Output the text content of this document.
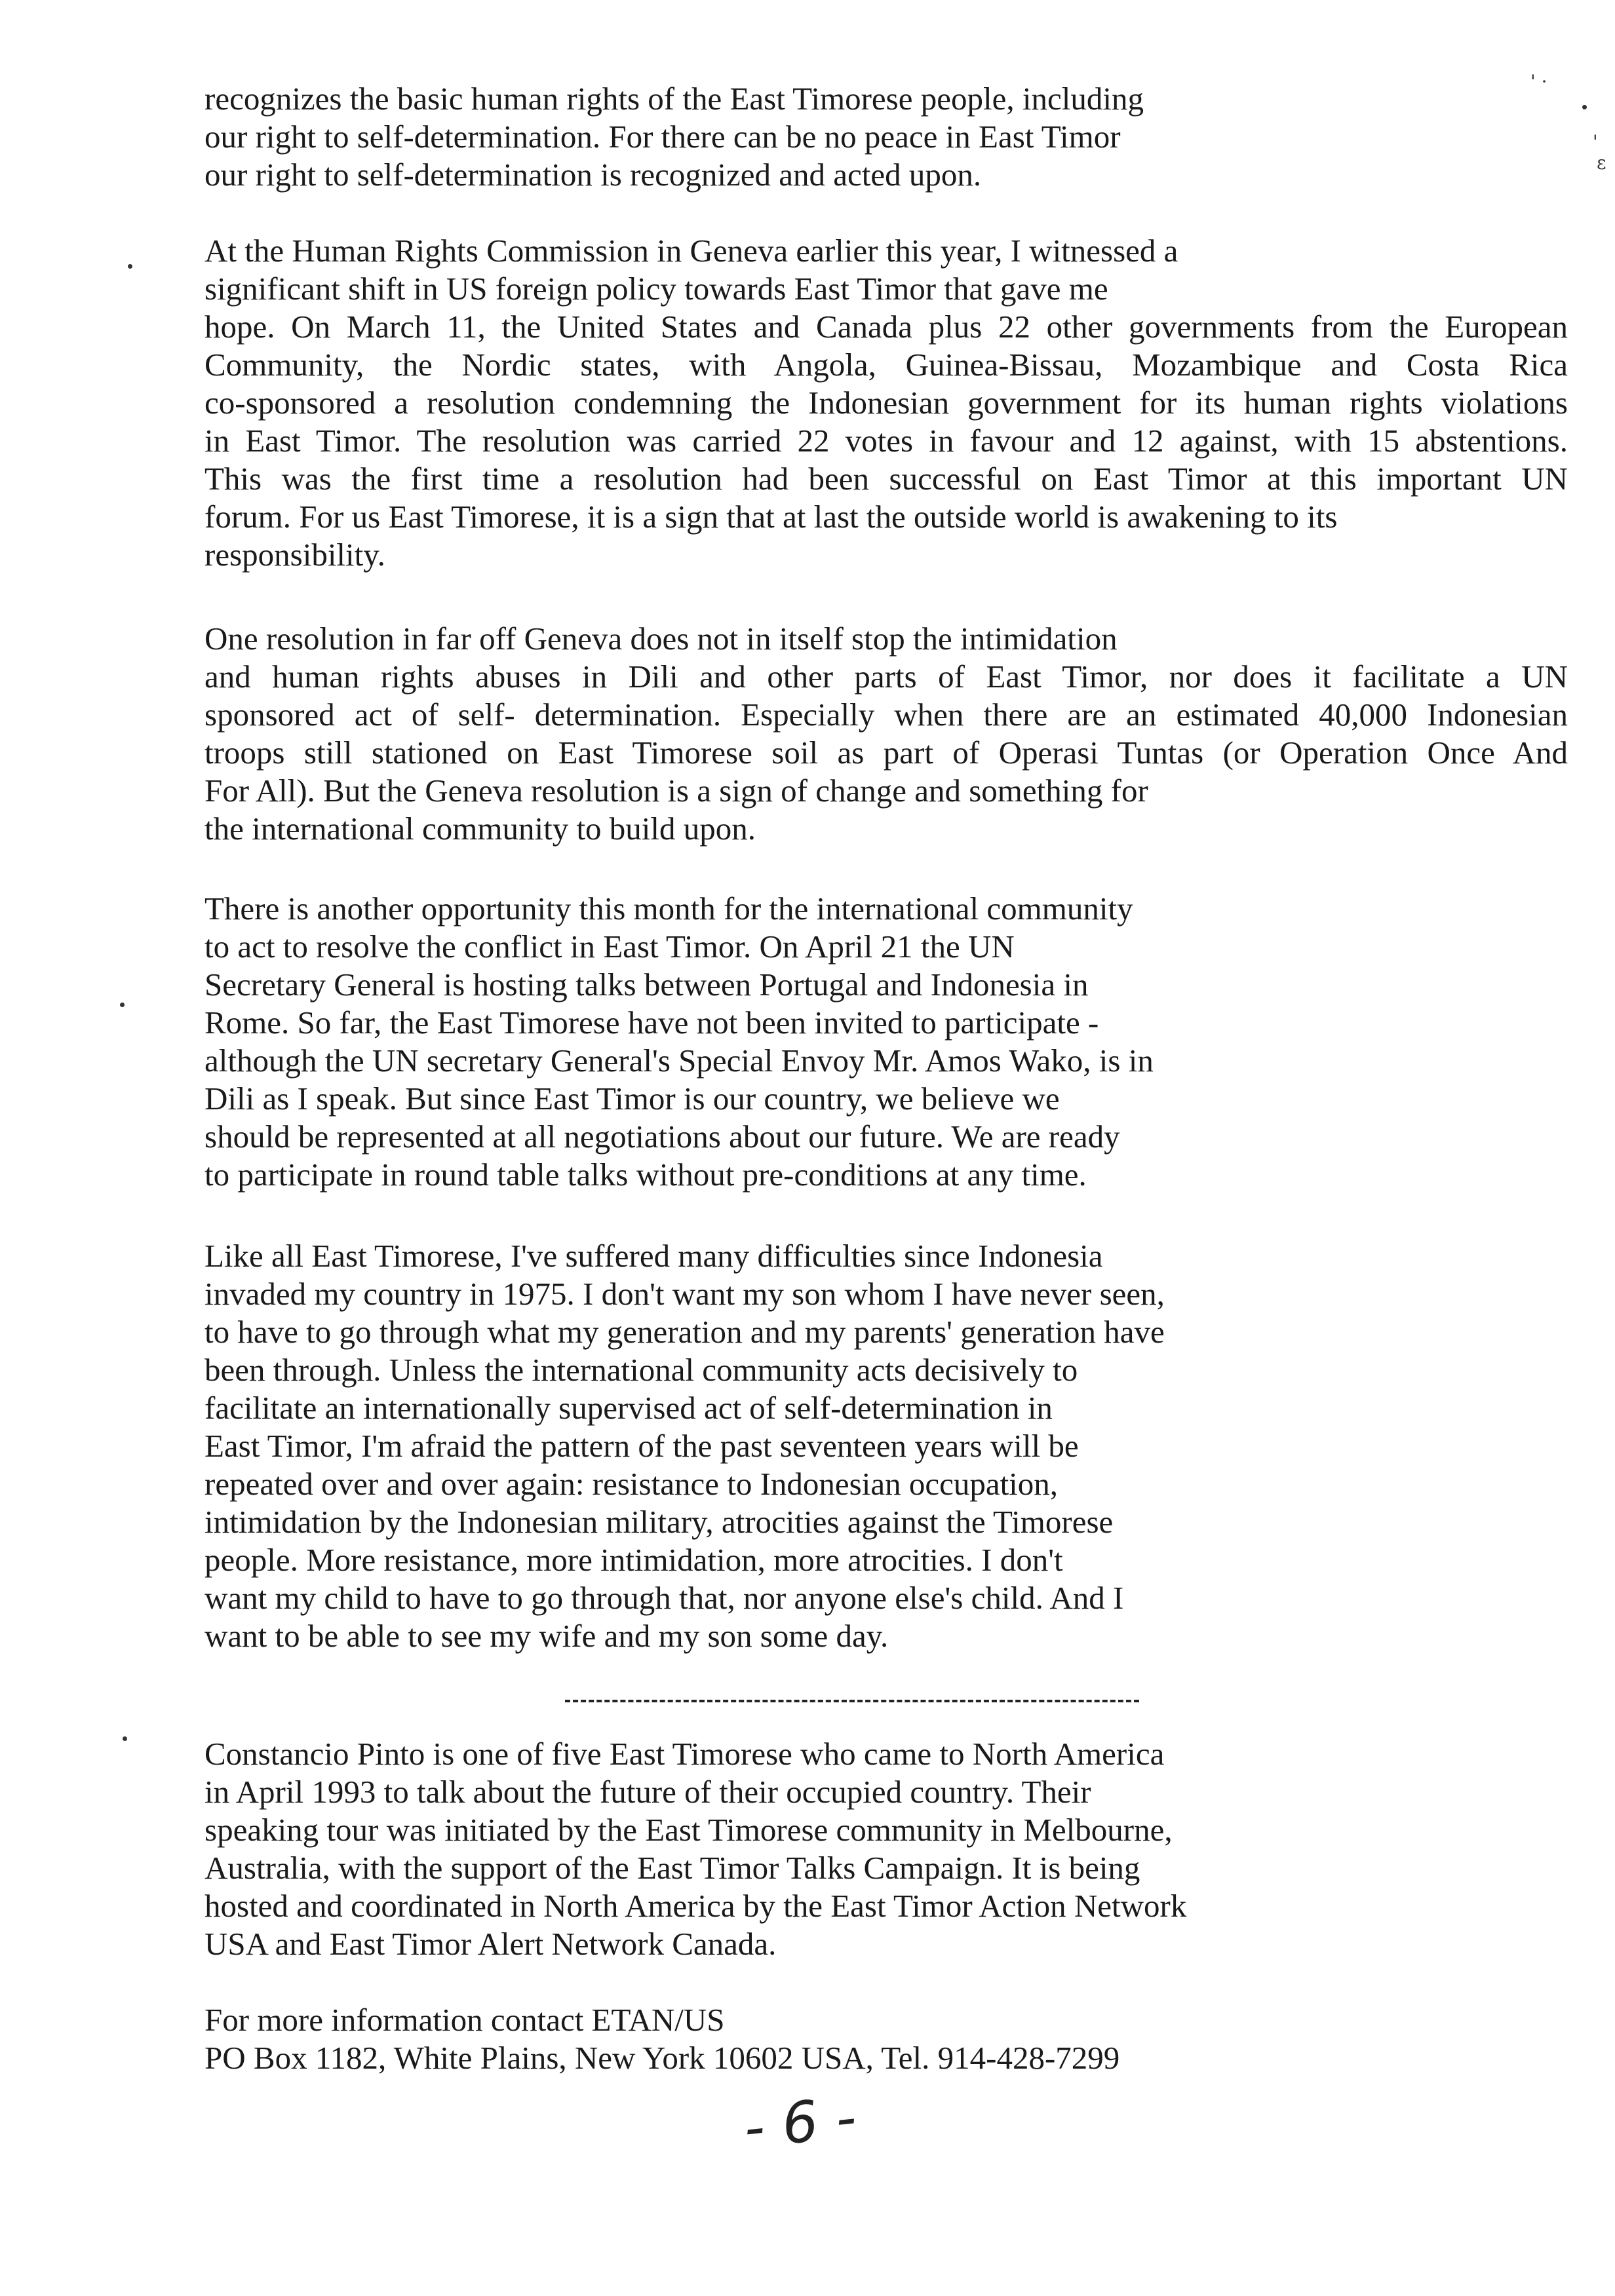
recognizes the basic human rights of the East Timorese people, including
our right to self-determination. For there can be no peace in East Timor
our right to self-determination is recognized and acted upon.
At the Human Rights Commission in Geneva earlier this year, I witnessed a
significant shift in US foreign policy towards East Timor that gave me
hope. On March 11, the United States and Canada plus 22 other governments from the European
Community, the Nordic states, with Angola, Guinea-Bissau, Mozambique and Costa Rica
co-sponsored a resolution condemning the Indonesian government for its human rights violations
in East Timor. The resolution was carried 22 votes in favour and 12 against, with 15 abstentions.
This was the first time a resolution had been successful on East Timor at this important UN
forum. For us East Timorese, it is a sign that at last the outside world is awakening to its
responsibility.
One resolution in far off Geneva does not in itself stop the intimidation
and human rights abuses in Dili and other parts of East Timor, nor does it facilitate a UN
sponsored act of self- determination. Especially when there are an estimated 40,000 Indonesian
troops still stationed on East Timorese soil as part of Operasi Tuntas (or Operation Once And
For All). But the Geneva resolution is a sign of change and something for
the international community to build upon.
There is another opportunity this month for the international community
to act to resolve the conflict in East Timor. On April 21 the UN
Secretary General is hosting talks between Portugal and Indonesia in
Rome. So far, the East Timorese have not been invited to participate -
although the UN secretary General's Special Envoy Mr. Amos Wako, is in
Dili as I speak. But since East Timor is our country, we believe we
should be represented at all negotiations about our future. We are ready
to participate in round table talks without pre-conditions at any time.
Like all East Timorese, I've suffered many difficulties since Indonesia
invaded my country in 1975. I don't want my son whom I have never seen,
to have to go through what my generation and my parents' generation have
been through. Unless the international community acts decisively to
facilitate an internationally supervised act of self-determination in
East Timor, I'm afraid the pattern of the past seventeen years will be
repeated over and over again: resistance to Indonesian occupation,
intimidation by the Indonesian military, atrocities against the Timorese
people. More resistance, more intimidation, more atrocities. I don't
want my child to have to go through that, nor anyone else's child. And I
want to be able to see my wife and my son some day.
Constancio Pinto is one of five East Timorese who came to North America
in April 1993 to talk about the future of their occupied country. Their
speaking tour was initiated by the East Timorese community in Melbourne,
Australia, with the support of the East Timor Talks Campaign. It is being
hosted and coordinated in North America by the East Timor Action Network
USA and East Timor Alert Network Canada.
For more information contact ETAN/US
PO Box 1182, White Plains, New York 10602 USA, Tel. 914-428-7299
- 6 -
' ·
'
ε
